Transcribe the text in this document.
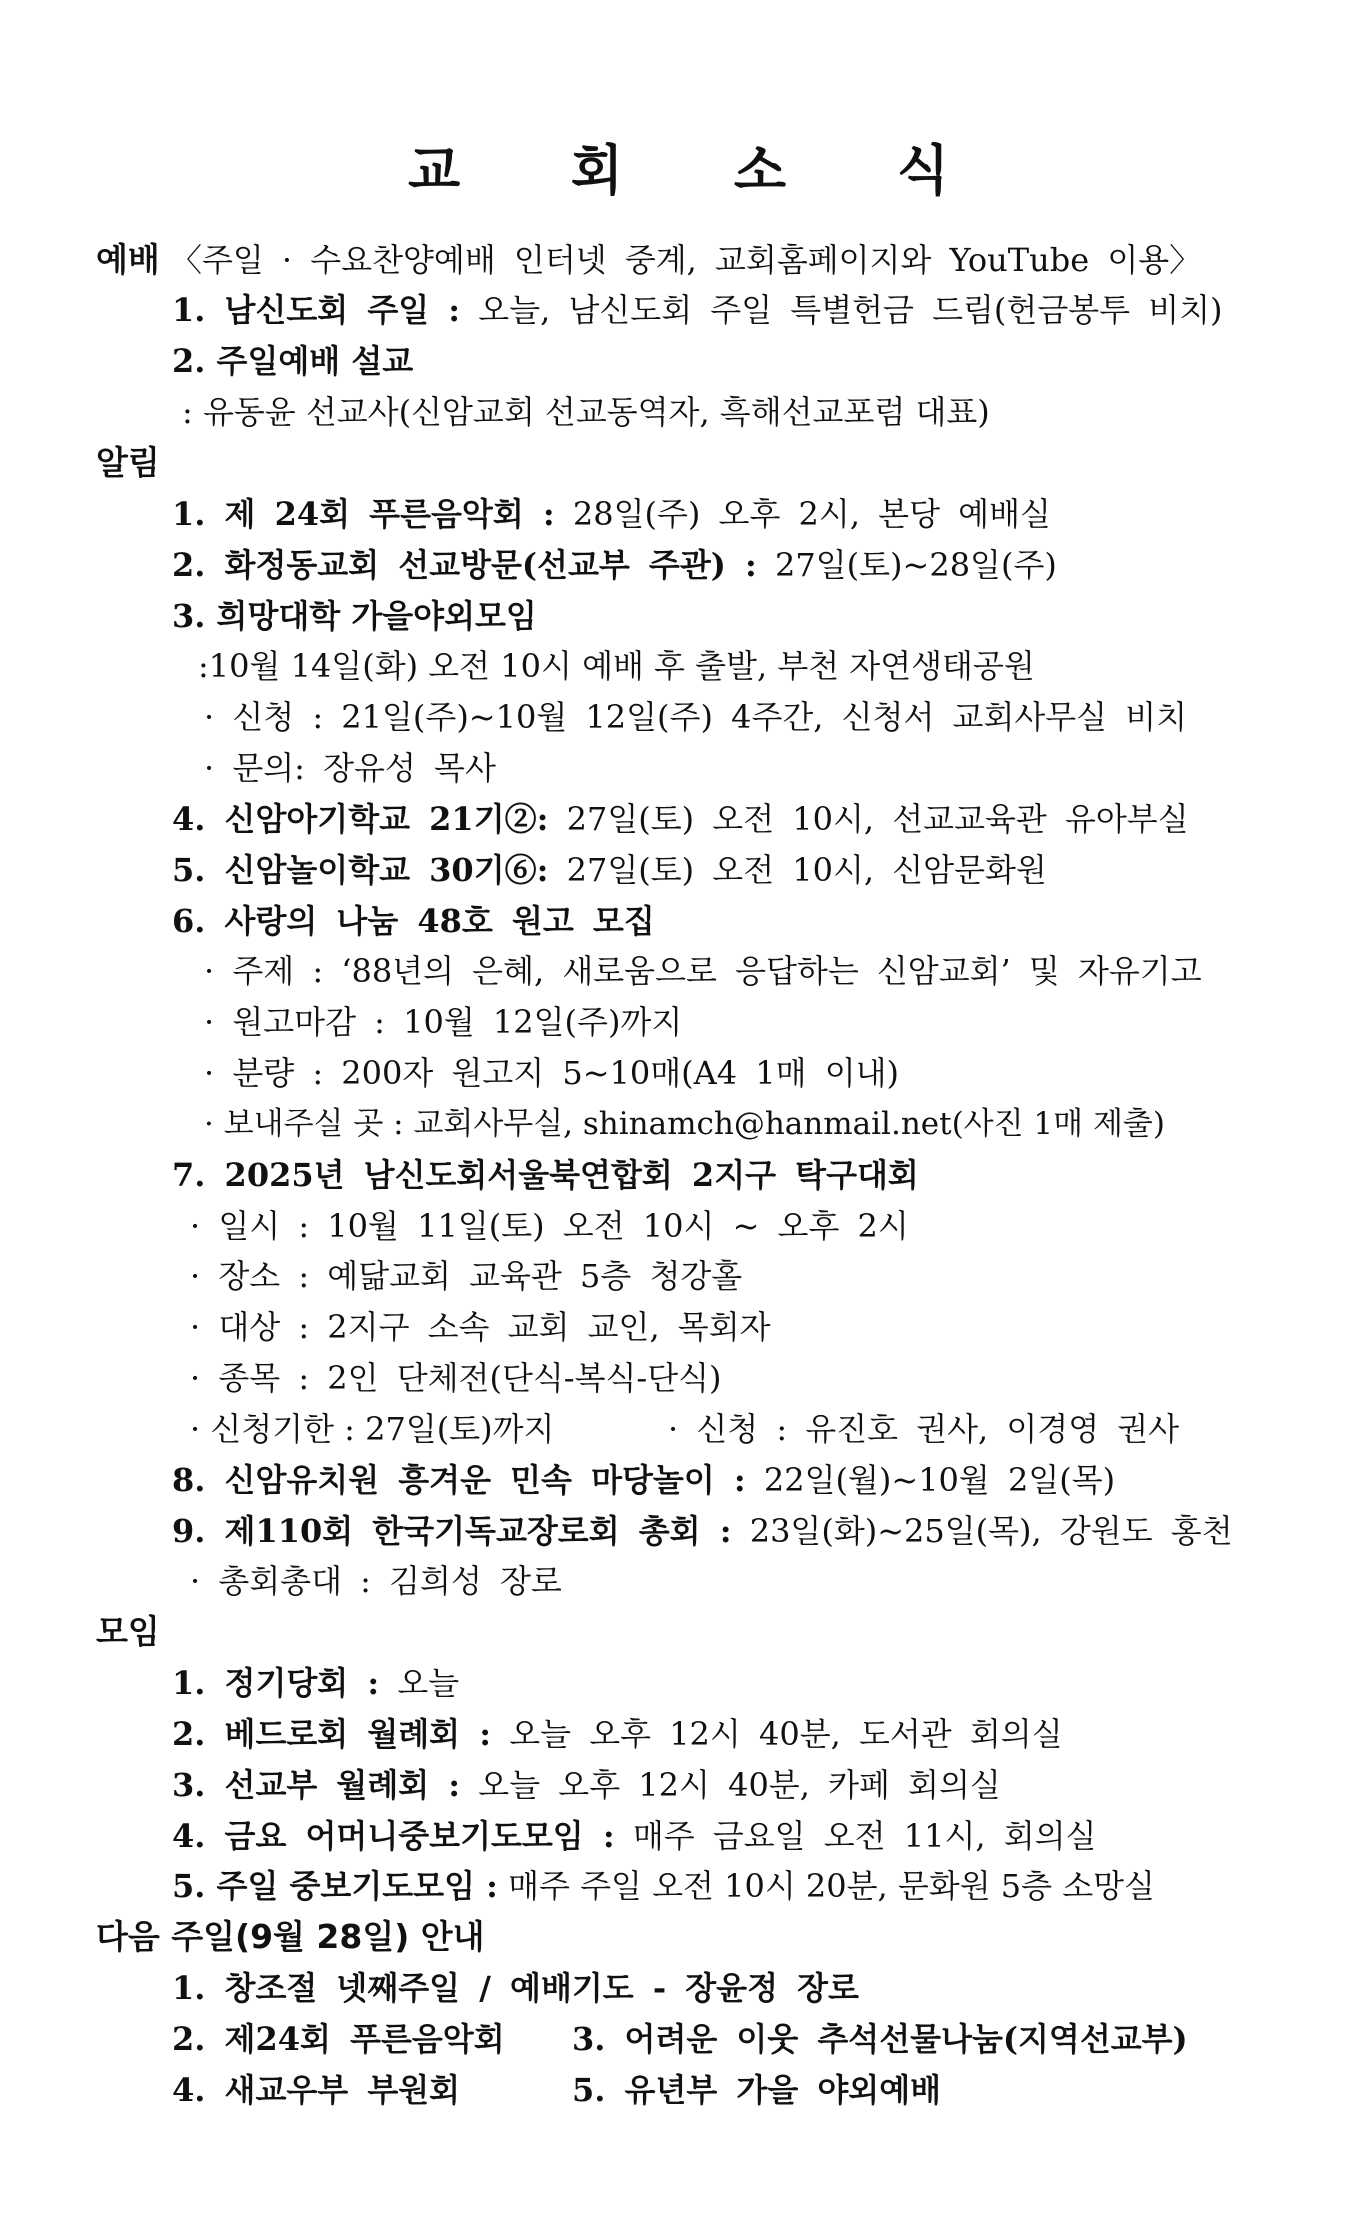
교 회 소 식
예배 〈주일 · 수요찬양예배 인터넷 중계, 교회홈페이지와 YouTube 이용〉
1. 남신도회 주일 : 오늘, 남신도회 주일 특별헌금 드림(헌금봉투 비치)
2. 주일예배 설교
: 유동윤 선교사(신암교회 선교동역자, 흑해선교포럼 대표)
알림
1. 제 24회 푸른음악회 : 28일(주) 오후 2시, 본당 예배실
2. 화정동교회 선교방문(선교부 주관) : 27일(토)~28일(주)
3. 희망대학 가을야외모임
:10월 14일(화) 오전 10시 예배 후 출발, 부천 자연생태공원
· 신청 : 21일(주)~10월 12일(주) 4주간, 신청서 교회사무실 비치
· 문의: 장유성 목사
4. 신암아기학교 21기②: 27일(토) 오전 10시, 선교교육관 유아부실
5. 신암놀이학교 30기⑥: 27일(토) 오전 10시, 신암문화원
6. 사랑의 나눔 48호 원고 모집
· 주제 : ‘88년의 은혜, 새로움으로 응답하는 신암교회’ 및 자유기고
· 원고마감 : 10월 12일(주)까지
· 분량 : 200자 원고지 5~10매(A4 1매 이내)
· 보내주실 곳 : 교회사무실, shinamch@hanmail.net(사진 1매 제출)
7. 2025년 남신도회서울북연합회 2지구 탁구대회
· 일시 : 10월 11일(토) 오전 10시 ~ 오후 2시
· 장소 : 예닮교회 교육관 5층 청강홀
· 대상 : 2지구 소속 교회 교인, 목회자
· 종목 : 2인 단체전(단식-복식-단식)
· 신청기한 : 27일(토)까지	· 신청 : 유진호 권사, 이경영 권사
8. 신암유치원 흥겨운 민속 마당놀이 : 22일(월)~10월 2일(목)
9. 제110회 한국기독교장로회 총회 : 23일(화)~25일(목), 강원도 홍천
· 총회총대 : 김희성 장로
모임
1. 정기당회 : 오늘
2. 베드로회 월례회 : 오늘 오후 12시 40분, 도서관 회의실
3. 선교부 월례회 : 오늘 오후 12시 40분, 카페 회의실
4. 금요 어머니중보기도모임 : 매주 금요일 오전 11시, 회의실
5. 주일 중보기도모임 : 매주 주일 오전 10시 20분, 문화원 5층 소망실
다음 주일(9월 28일) 안내
1. 창조절 넷째주일 / 예배기도 - 장윤정 장로
2. 제24회 푸른음악회 3. 어려운 이웃 추석선물나눔(지역선교부)
4. 새교우부 부원회	5. 유년부 가을 야외예배
